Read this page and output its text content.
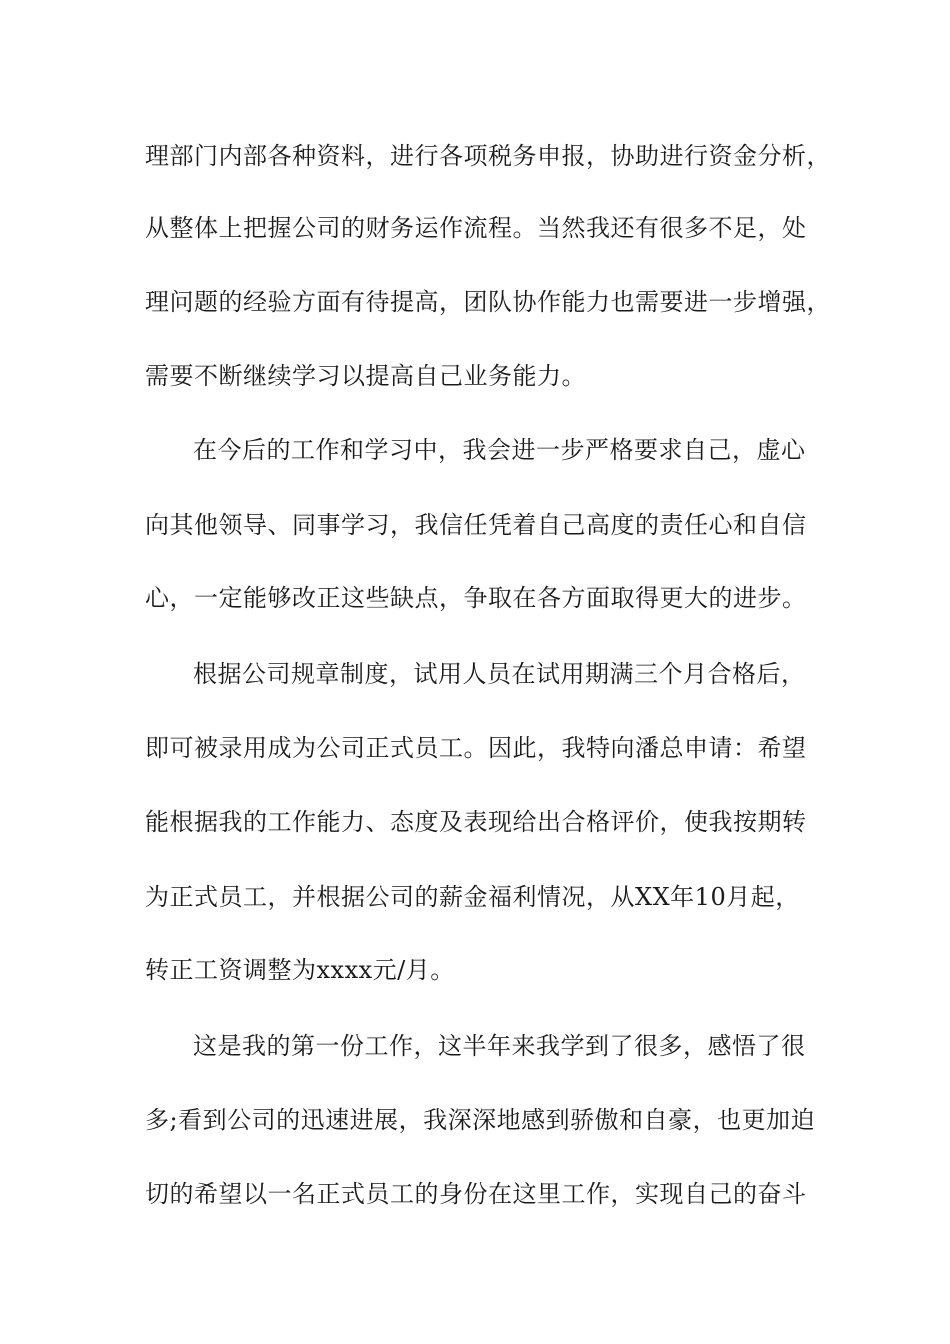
理部门内部各种资料，进行各项税务申报，协助进行资金分析，

从整体上把握公司的财务运作流程。当然我还有很多不足，处

理问题的经验方面有待提高，团队协作能力也需要进一步增强，

需要不断继续学习以提高自己业务能力。

在今后的工作和学习中，我会进一步严格要求自己，虚心

向其他领导、同事学习，我信任凭着自己高度的责任心和自信

心，一定能够改正这些缺点，争取在各方面取得更大的进步。

根据公司规章制度，试用人员在试用期满三个月合格后，

即可被录用成为公司正式员工。因此，我特向潘总申请：希望

能根据我的工作能力、态度及表现给出合格评价，使我按期转

为正式员工，并根据公司的薪金福利情况，从XX年10月起，

转正工资调整为xxxx元/月。

这是我的第一份工作，这半年来我学到了很多，感悟了很

多;看到公司的迅速进展，我深深地感到骄傲和自豪，也更加迫

切的希望以一名正式员工的身份在这里工作，实现自己的奋斗
